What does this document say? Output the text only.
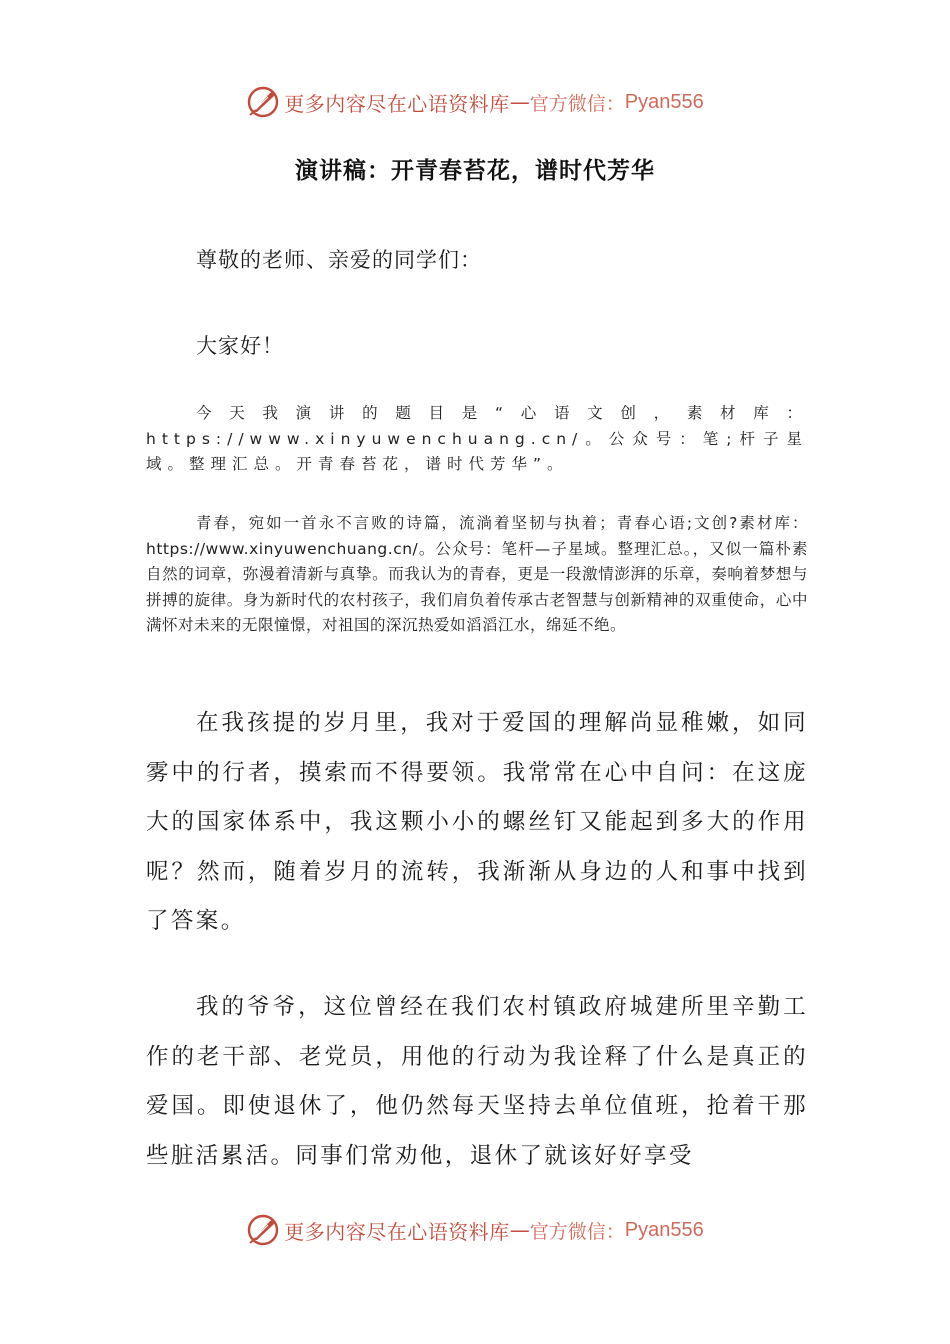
更多内容尽在心语资料库 — 官方微信： Pyan556
演讲稿：开青春苔花，谱时代芳华
尊敬的老师、亲爱的同学们：
大家好！

今天我演讲的题目是“心语文创，素材库：https://www.xinyuwenchuang.cn/。公众号：笔;杆子星域。整理汇总。开青春苔花，谱时代芳华”。

青春，宛如一首永不言败的诗篇，流淌着坚韧与执着；青春心语;文创?素材库：https://www.xinyuwenchuang.cn/。公众号：笔杆—子星域。整理汇总。，又似一篇朴素自然的词章，弥漫着清新与真挚。而我认为的青春，更是一段激情澎湃的乐章，奏响着梦想与拼搏的旋律。身为新时代的农村孩子，我们肩负着传承古老智慧与创新精神的双重使命，心中满怀对未来的无限憧憬，对祖国的深沉热爱如滔滔江水，绵延不绝。

在我孩提的岁月里，我对于爱国的理解尚显稚嫩，如同雾中的行者，摸索而不得要领。我常常在心中自问：在这庞大的国家体系中，我这颗小小的螺丝钉又能起到多大的作用呢？然而，随着岁月的流转，我渐渐从身边的人和事中找到了答案。

我的爷爷，这位曾经在我们农村镇政府城建所里辛勤工作的老干部、老党员，用他的行动为我诠释了什么是真正的爱国。即使退休了，他仍然每天坚持去单位值班，抢着干那些脏活累活。同事们常劝他，退休了就该好好享受

更多内容尽在心语资料库 — 官方微信： Pyan556
